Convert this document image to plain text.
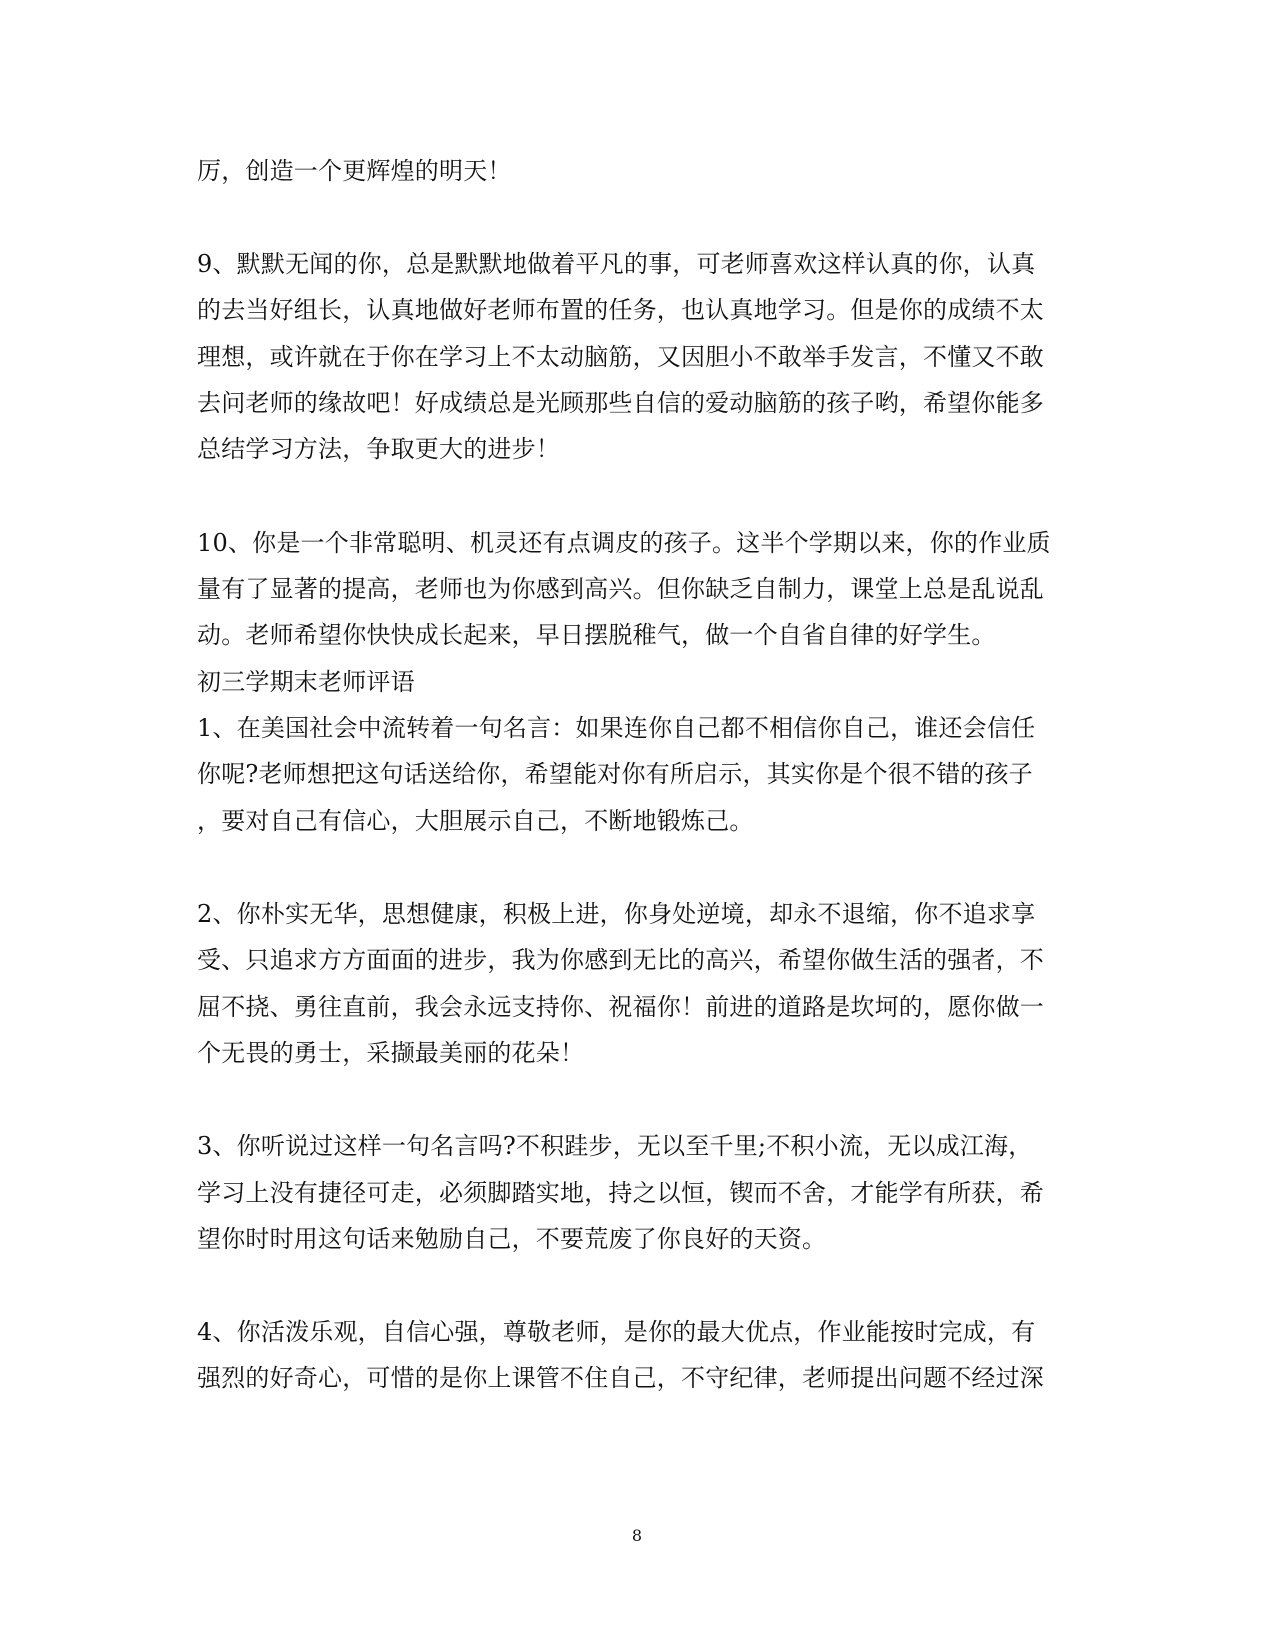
厉，创造一个更辉煌的明天！
9、默默无闻的你，总是默默地做着平凡的事，可老师喜欢这样认真的你，认真
的去当好组长，认真地做好老师布置的任务，也认真地学习。但是你的成绩不太
理想，或许就在于你在学习上不太动脑筋，又因胆小不敢举手发言，不懂又不敢
去问老师的缘故吧！好成绩总是光顾那些自信的爱动脑筋的孩子哟，希望你能多
总结学习方法，争取更大的进步！
10、你是一个非常聪明、机灵还有点调皮的孩子。这半个学期以来，你的作业质
量有了显著的提高，老师也为你感到高兴。但你缺乏自制力，课堂上总是乱说乱
动。老师希望你快快成长起来，早日摆脱稚气，做一个自省自律的好学生。
初三学期末老师评语
1、在美国社会中流转着一句名言：如果连你自己都不相信你自己，谁还会信任
你呢?老师想把这句话送给你，希望能对你有所启示，其实你是个很不错的孩子
，要对自己有信心，大胆展示自己，不断地锻炼己。
2、你朴实无华，思想健康，积极上进，你身处逆境，却永不退缩，你不追求享
受、只追求方方面面的进步，我为你感到无比的高兴，希望你做生活的强者，不
屈不挠、勇往直前，我会永远支持你、祝福你！前进的道路是坎坷的，愿你做一
个无畏的勇士，采撷最美丽的花朵！
3、你听说过这样一句名言吗?不积跬步，无以至千里;不积小流，无以成江海，
学习上没有捷径可走，必须脚踏实地，持之以恒，锲而不舍，才能学有所获，希
望你时时用这句话来勉励自己，不要荒废了你良好的天资。
4、你活泼乐观，自信心强，尊敬老师，是你的最大优点，作业能按时完成，有
强烈的好奇心，可惜的是你上课管不住自己，不守纪律，老师提出问题不经过深
8
